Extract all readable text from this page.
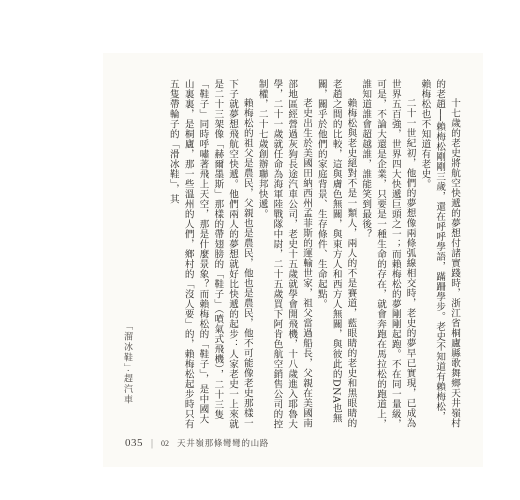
十七歲的老史將航空快遞的夢想付諸實踐時，浙江省桐廬縣歌舞鄉天井嶺村的老趙──賴梅松剛剛三歲，還在呼呼學語，蹣跚學步。老史不知道有賴梅松，賴梅松也不知道有老史。

二十一世紀初，他們的夢想像兩條弧線相交時，老史的夢早已實現，已成為世界五百強，世界四大快遞巨頭之一；而賴梅松的夢剛剛起跑。不在同一量級，可是，不論大還是企業，只要是一種生命的存在，就會奔跑在馬拉松的跑道上，誰知道誰會超越誰，誰能笑到最後？

賴梅松與老史絕對不是一類人，兩人的不是賽道，藍眼睛的老史和黑眼睛的老趙之間的比較，這與膚色無關，與東方人和西方人無關，與彼此的DNA也無關，關乎於他們的家庭背景、生存條件、生命起點。

老史出生於美國田納西州孟菲斯的運輸世家，祖父當過船長，父親在美國南部地區經營過灰狗長途汽車公司，老史十五歲就學會開飛機，十八歲進入耶魯大學，二十一歲就任命為海軍陸戰隊中尉，二十五歲買下阿肯色航空銷售公司的控制權，二十七歲創辦聯邦快遞。

賴梅松的祖父是農民，父親也是農民，他也是農民，他不可能像老史那樣一下子就夢想飛航空快遞。他們兩人的夢想就好比快遞的起步：人家老史一上來就是二十三架像「赫爾墨斯」那樣的帶翅膀的「鞋子」（噴氣式飛機），二十三隻「鞋子」同時呼嘯著飛上天空，那是什麼景象？而賴梅松的「鞋子」，是中國大山裏裏，是桐廬，那一些溫州的人們，鄉村的「沒人要」的，賴梅松起步時只有五隻帶輪子的「滑冰鞋」，其

「溜冰鞋」‧趕汽車
035 | 02 天井嶺那條彎彎的山路
